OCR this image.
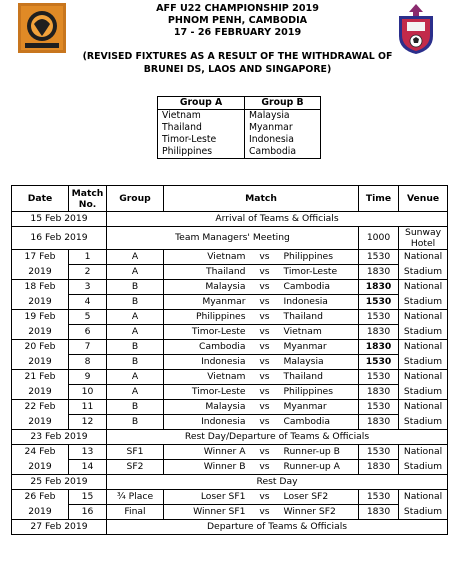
AFF U22 CHAMPIONSHIP 2019
PHNOM PENH, CAMBODIA
17 - 26 FEBRUARY 2019
(REVISED FIXTURES AS A RESULT OF THE WITHDRAWAL OF
BRUNEI DS, LAOS AND SINGAPORE)
Group A	Group B
Vietnam	Malaysia
Thailand	Myanmar
Timor-Leste	Indonesia
Philippines	Cambodia
Date	Match No.	Group	Match			Time	Venue
15 Feb 2019		Arrival of Teams & Officials					
16 Feb 2019		Team Managers' Meeting				1000	Sunway
Hotel
17 Feb	1	A	Vietnam	vs	Philippines	1530	National
2019	2	A	Thailand	vs	Timor-Leste	1830	Stadium
18 Feb	3	B	Malaysia	vs	Cambodia	1830	National
2019	4	B	Myanmar	vs	Indonesia	1530	Stadium
19 Feb	5	A	Philippines	vs	Thailand	1530	National
2019	6	A	Timor-Leste	vs	Vietnam	1830	Stadium
20 Feb	7	B	Cambodia	vs	Myanmar	1830	National
2019	8	B	Indonesia	vs	Malaysia	1530	Stadium
21 Feb	9	A	Vietnam	vs	Thailand	1530	National
2019	10	A	Timor-Leste	vs	Philippines	1830	Stadium
22 Feb	11	B	Malaysia	vs	Myanmar	1530	National
2019	12	B	Indonesia	vs	Cambodia	1830	Stadium
23 Feb 2019		Rest Day/Departure of Teams & Officials					
24 Feb	13	SF1	Winner A	vs	Runner-up B	1530	National
2019	14	SF2	Winner B	vs	Runner-up A	1830	Stadium
25 Feb 2019		Rest Day					
26 Feb	15	¾ Place	Loser SF1	vs	Loser SF2	1530	National
2019	16	Final	Winner SF1	vs	Winner SF2	1830	Stadium
27 Feb 2019		Departure of Teams & Officials					
